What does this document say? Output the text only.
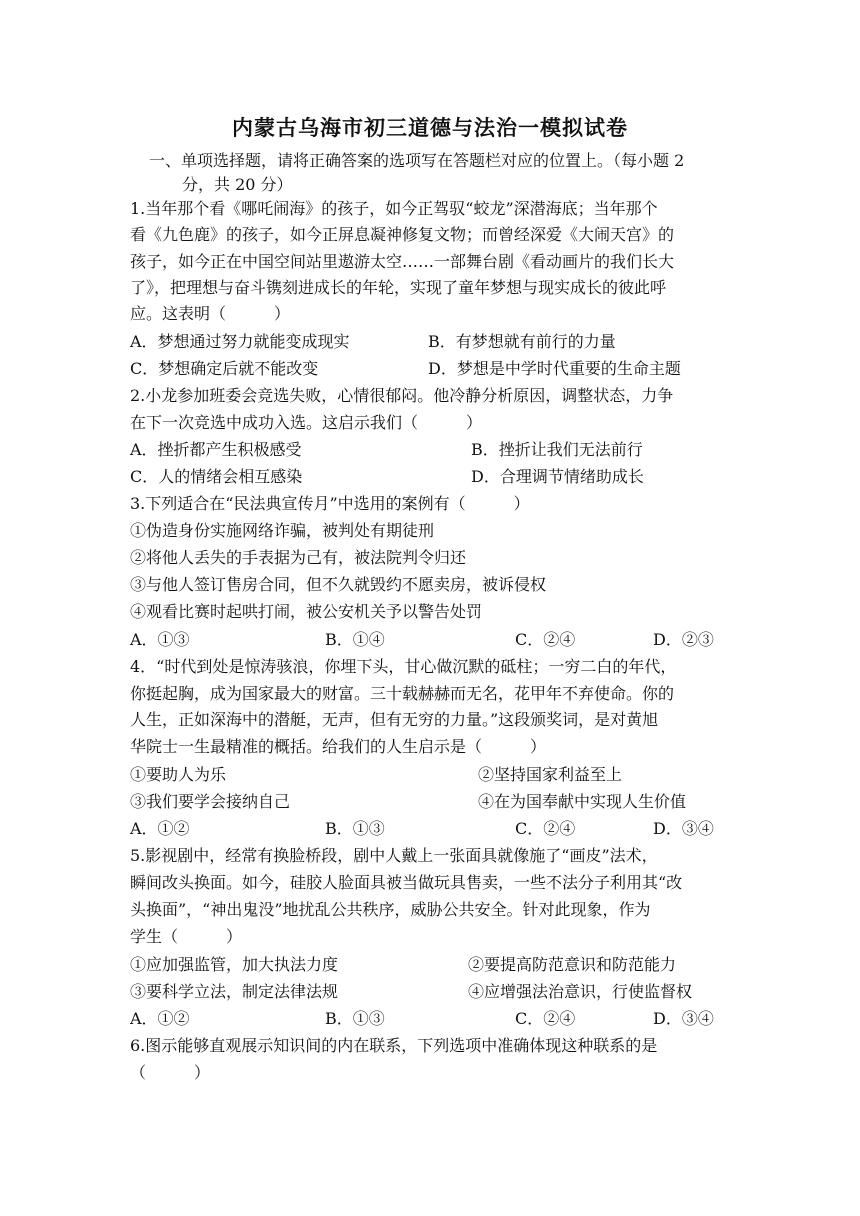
内蒙古乌海市初三道德与法治一模拟试卷
一、单项选择题，请将正确答案的选项写在答题栏对应的位置上。（每小题 2
分，共 20 分）
1.当年那个看《哪吒闹海》的孩子，如今正驾驭“蛟龙”深潜海底；当年那个
看《九色鹿》的孩子，如今正屏息凝神修复文物；而曾经深爱《大闹天宫》的
孩子，如今正在中国空间站里遨游太空……一部舞台剧《看动画片的我们长大
了》，把理想与奋斗镌刻进成长的年轮，实现了童年梦想与现实成长的彼此呼
应。这表明（　　　）
A．梦想通过努力就能变成现实	B．有梦想就有前行的力量
C．梦想确定后就不能改变	D．梦想是中学时代重要的生命主题
2.小龙参加班委会竞选失败，心情很郁闷。他冷静分析原因，调整状态，力争
在下一次竞选中成功入选。这启示我们（　　　）
A．挫折都产生积极感受	B．挫折让我们无法前行
C．人的情绪会相互感染	D．合理调节情绪助成长
3.下列适合在“民法典宣传月”中选用的案例有（　　　）
①伪造身份实施网络诈骗，被判处有期徒刑
②将他人丢失的手表据为己有，被法院判令归还
③与他人签订售房合同，但不久就毁约不愿卖房，被诉侵权
④观看比赛时起哄打闹，被公安机关予以警告处罚
A．①③	B．①④	C．②④	D．②③
4．“时代到处是惊涛骇浪，你埋下头，甘心做沉默的砥柱；一穷二白的年代，
你挺起胸，成为国家最大的财富。三十载赫赫而无名，花甲年不弃使命。你的
人生，正如深海中的潜艇，无声，但有无穷的力量。”这段颁奖词，是对黄旭
华院士一生最精准的概括。给我们的人生启示是（　　　）
①要助人为乐	②坚持国家利益至上
③我们要学会接纳自己	④在为国奉献中实现人生价值
A．①②	B．①③	C．②④	D．③④
5.影视剧中，经常有换脸桥段，剧中人戴上一张面具就像施了“画皮”法术，
瞬间改头换面。如今，硅胶人脸面具被当做玩具售卖，一些不法分子利用其“改
头换面”，“神出鬼没”地扰乱公共秩序，威胁公共安全。针对此现象，作为
学生（　　　）
①应加强监管，加大执法力度	②要提高防范意识和防范能力
③要科学立法，制定法律法规	④应增强法治意识，行使监督权
A．①②	B．①③	C．②④	D．③④
6.图示能够直观展示知识间的内在联系，下列选项中准确体现这种联系的是
（　　　）
